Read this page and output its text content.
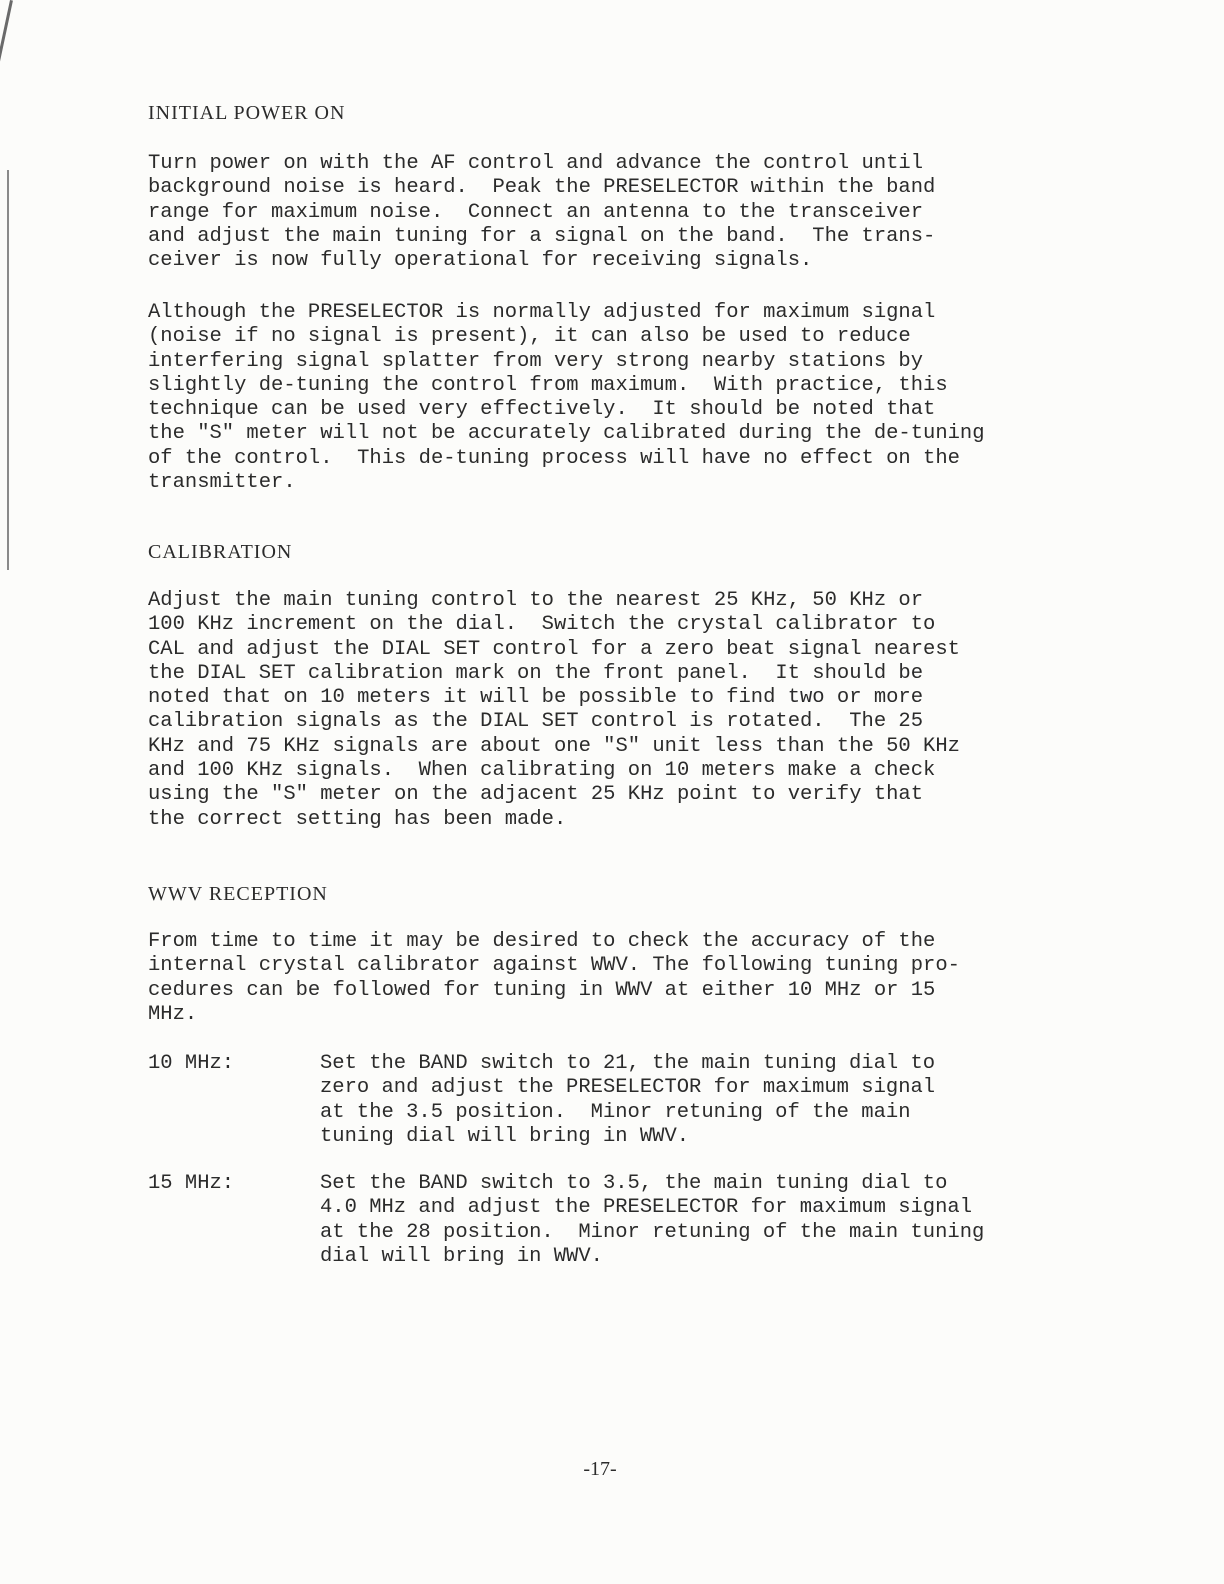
INITIAL POWER ON

Turn power on with the AF control and advance the control until
background noise is heard.  Peak the PRESELECTOR within the band
range for maximum noise.  Connect an antenna to the transceiver
and adjust the main tuning for a signal on the band.  The trans-
ceiver is now fully operational for receiving signals.

Although the PRESELECTOR is normally adjusted for maximum signal
(noise if no signal is present), it can also be used to reduce
interfering signal splatter from very strong nearby stations by
slightly de-tuning the control from maximum.  With practice, this
technique can be used very effectively.  It should be noted that
the "S" meter will not be accurately calibrated during the de-tuning
of the control.  This de-tuning process will have no effect on the
transmitter.

CALIBRATION

Adjust the main tuning control to the nearest 25 KHz, 50 KHz or
100 KHz increment on the dial.  Switch the crystal calibrator to
CAL and adjust the DIAL SET control for a zero beat signal nearest
the DIAL SET calibration mark on the front panel.  It should be
noted that on 10 meters it will be possible to find two or more
calibration signals as the DIAL SET control is rotated.  The 25
KHz and 75 KHz signals are about one "S" unit less than the 50 KHz
and 100 KHz signals.  When calibrating on 10 meters make a check
using the "S" meter on the adjacent 25 KHz point to verify that
the correct setting has been made.

WWV RECEPTION

From time to time it may be desired to check the accuracy of the
internal crystal calibrator against WWV. The following tuning pro-
cedures can be followed for tuning in WWV at either 10 MHz or 15
MHz.

10 MHz:	Set the BAND switch to 21, the main tuning dial to
zero and adjust the PRESELECTOR for maximum signal
at the 3.5 position.  Minor retuning of the main
tuning dial will bring in WWV.

15 MHz:	Set the BAND switch to 3.5, the main tuning dial to
4.0 MHz and adjust the PRESELECTOR for maximum signal
at the 28 position.  Minor retuning of the main tuning
dial will bring in WWV.

-17-
